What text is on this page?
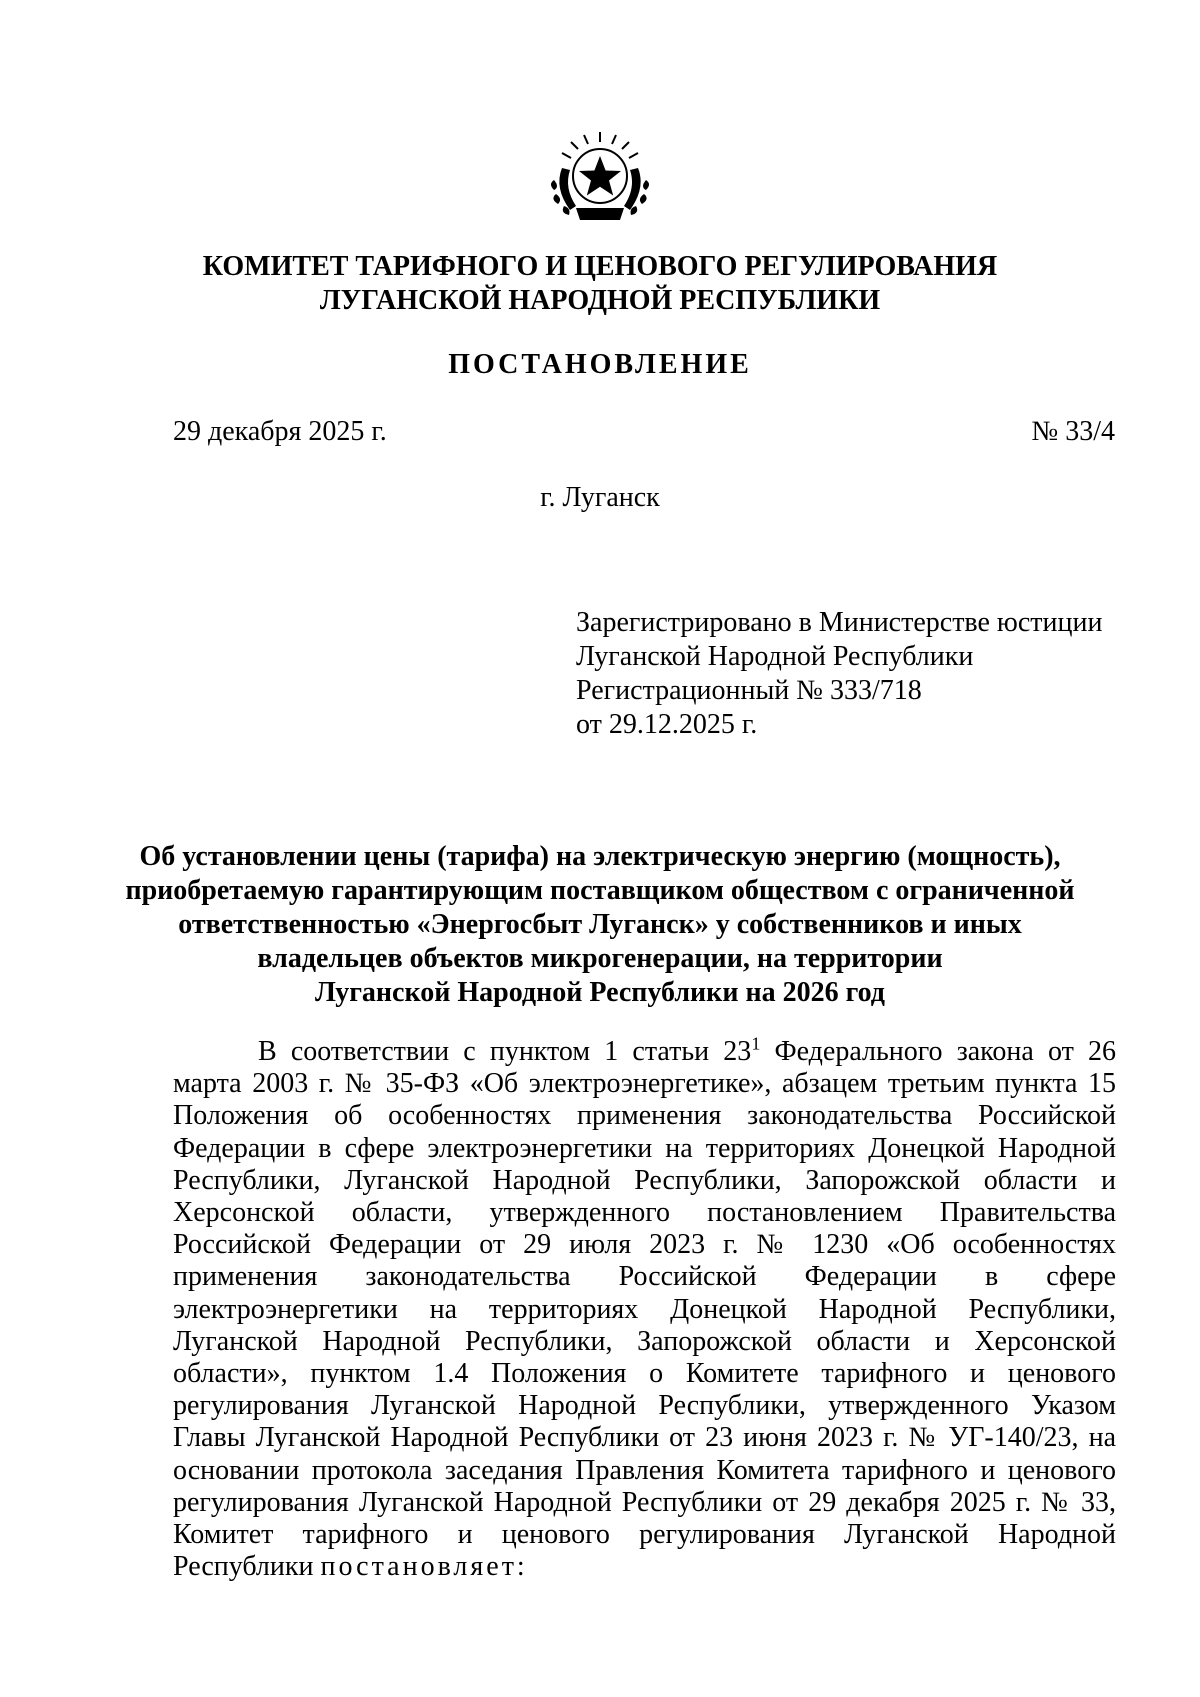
КОМИТЕТ ТАРИФНОГО И ЦЕНОВОГО РЕГУЛИРОВАНИЯ
ЛУГАНСКОЙ НАРОДНОЙ РЕСПУБЛИКИ
ПОСТАНОВЛЕНИЕ
29 декабря 2025 г.	№ 33/4
г. Луганск
Зарегистрировано в Министерстве юстиции
Луганской Народной Республики
Регистрационный № 333/718
от 29.12.2025 г.
Об установлении цены (тарифа) на электрическую энергию (мощность),
приобретаемую гарантирующим поставщиком обществом с ограниченной
ответственностью «Энергосбыт Луганск» у собственников и иных
владельцев объектов микрогенерации, на территории
Луганской Народной Республики на 2026 год
В соответствии с пунктом 1 статьи $23^1$ Федерального закона от 26 марта 2003 г. № 35-ФЗ «Об электроэнергетике», абзацем третьим пункта 15 Положения об особенностях применения законодательства Российской Федерации в сфере электроэнергетики на территориях Донецкой Народной Республики, Луганской Народной Республики, Запорожской области и Херсонской области, утвержденного постановлением Правительства Российской Федерации от 29 июля 2023 г. № 1230 «Об особенностях применения законодательства Российской Федерации в сфере электроэнергетики на территориях Донецкой Народной Республики, Луганской Народной Республики, Запорожской области и Херсонской области», пунктом 1.4 Положения о Комитете тарифного и ценового регулирования Луганской Народной Республики, утвержденного Указом Главы Луганской Народной Республики от 23 июня 2023 г. № УГ-140/23, на основании протокола заседания Правления Комитета тарифного и ценового регулирования Луганской Народной Республики от 29 декабря 2025 г. № 33, Комитет тарифного и ценового регулирования Луганской Народной Республики постановляет:
